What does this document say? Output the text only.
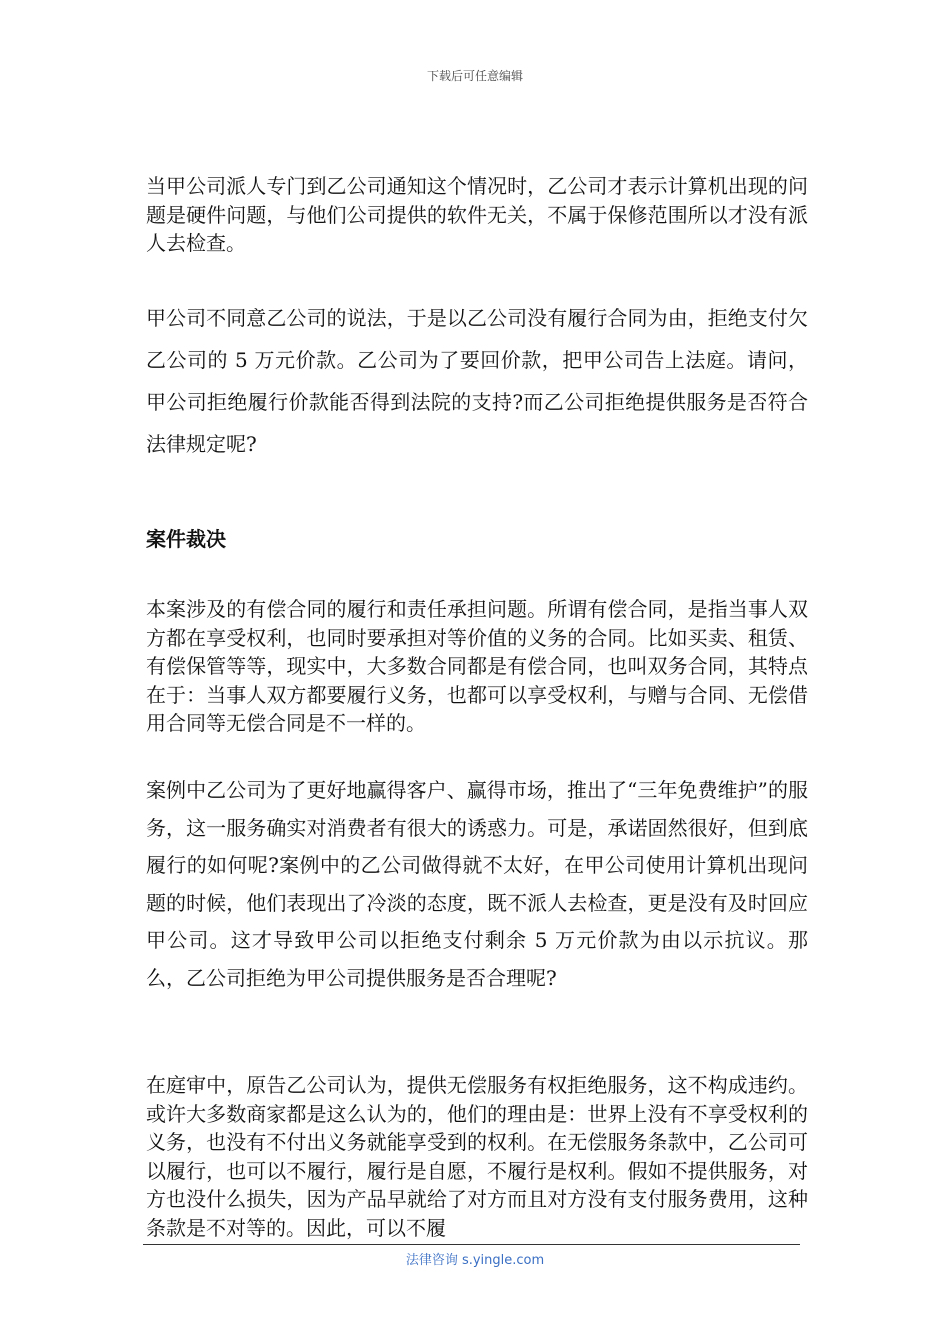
下载后可任意编辑

当甲公司派人专门到乙公司通知这个情况时，乙公司才表示计算机出现的问题是硬件问题，与他们公司提供的软件无关，不属于保修范围所以才没有派人去检查。

甲公司不同意乙公司的说法，于是以乙公司没有履行合同为由，拒绝支付欠乙公司的 5 万元价款。乙公司为了要回价款，把甲公司告上法庭。请问，甲公司拒绝履行价款能否得到法院的支持?而乙公司拒绝提供服务是否符合法律规定呢?

案件裁决

本案涉及的有偿合同的履行和责任承担问题。所谓有偿合同，是指当事人双方都在享受权利，也同时要承担对等价值的义务的合同。比如买卖、租赁、有偿保管等等，现实中，大多数合同都是有偿合同，也叫双务合同，其特点在于：当事人双方都要履行义务，也都可以享受权利，与赠与合同、无偿借用合同等无偿合同是不一样的。

案例中乙公司为了更好地赢得客户、赢得市场，推出了“三年免费维护”的服务，这一服务确实对消费者有很大的诱惑力。可是，承诺固然很好，但到底履行的如何呢?案例中的乙公司做得就不太好，在甲公司使用计算机出现问题的时候，他们表现出了冷淡的态度，既不派人去检查，更是没有及时回应甲公司。这才导致甲公司以拒绝支付剩余 5 万元价款为由以示抗议。那么，乙公司拒绝为甲公司提供服务是否合理呢?

在庭审中，原告乙公司认为，提供无偿服务有权拒绝服务，这不构成违约。或许大多数商家都是这么认为的，他们的理由是：世界上没有不享受权利的义务，也没有不付出义务就能享受到的权利。在无偿服务条款中，乙公司可以履行，也可以不履行，履行是自愿，不履行是权利。假如不提供服务，对方也没什么损失，因为产品早就给了对方而且对方没有支付服务费用，这种条款是不对等的。因此，可以不履

法律咨询 s.yingle.com
